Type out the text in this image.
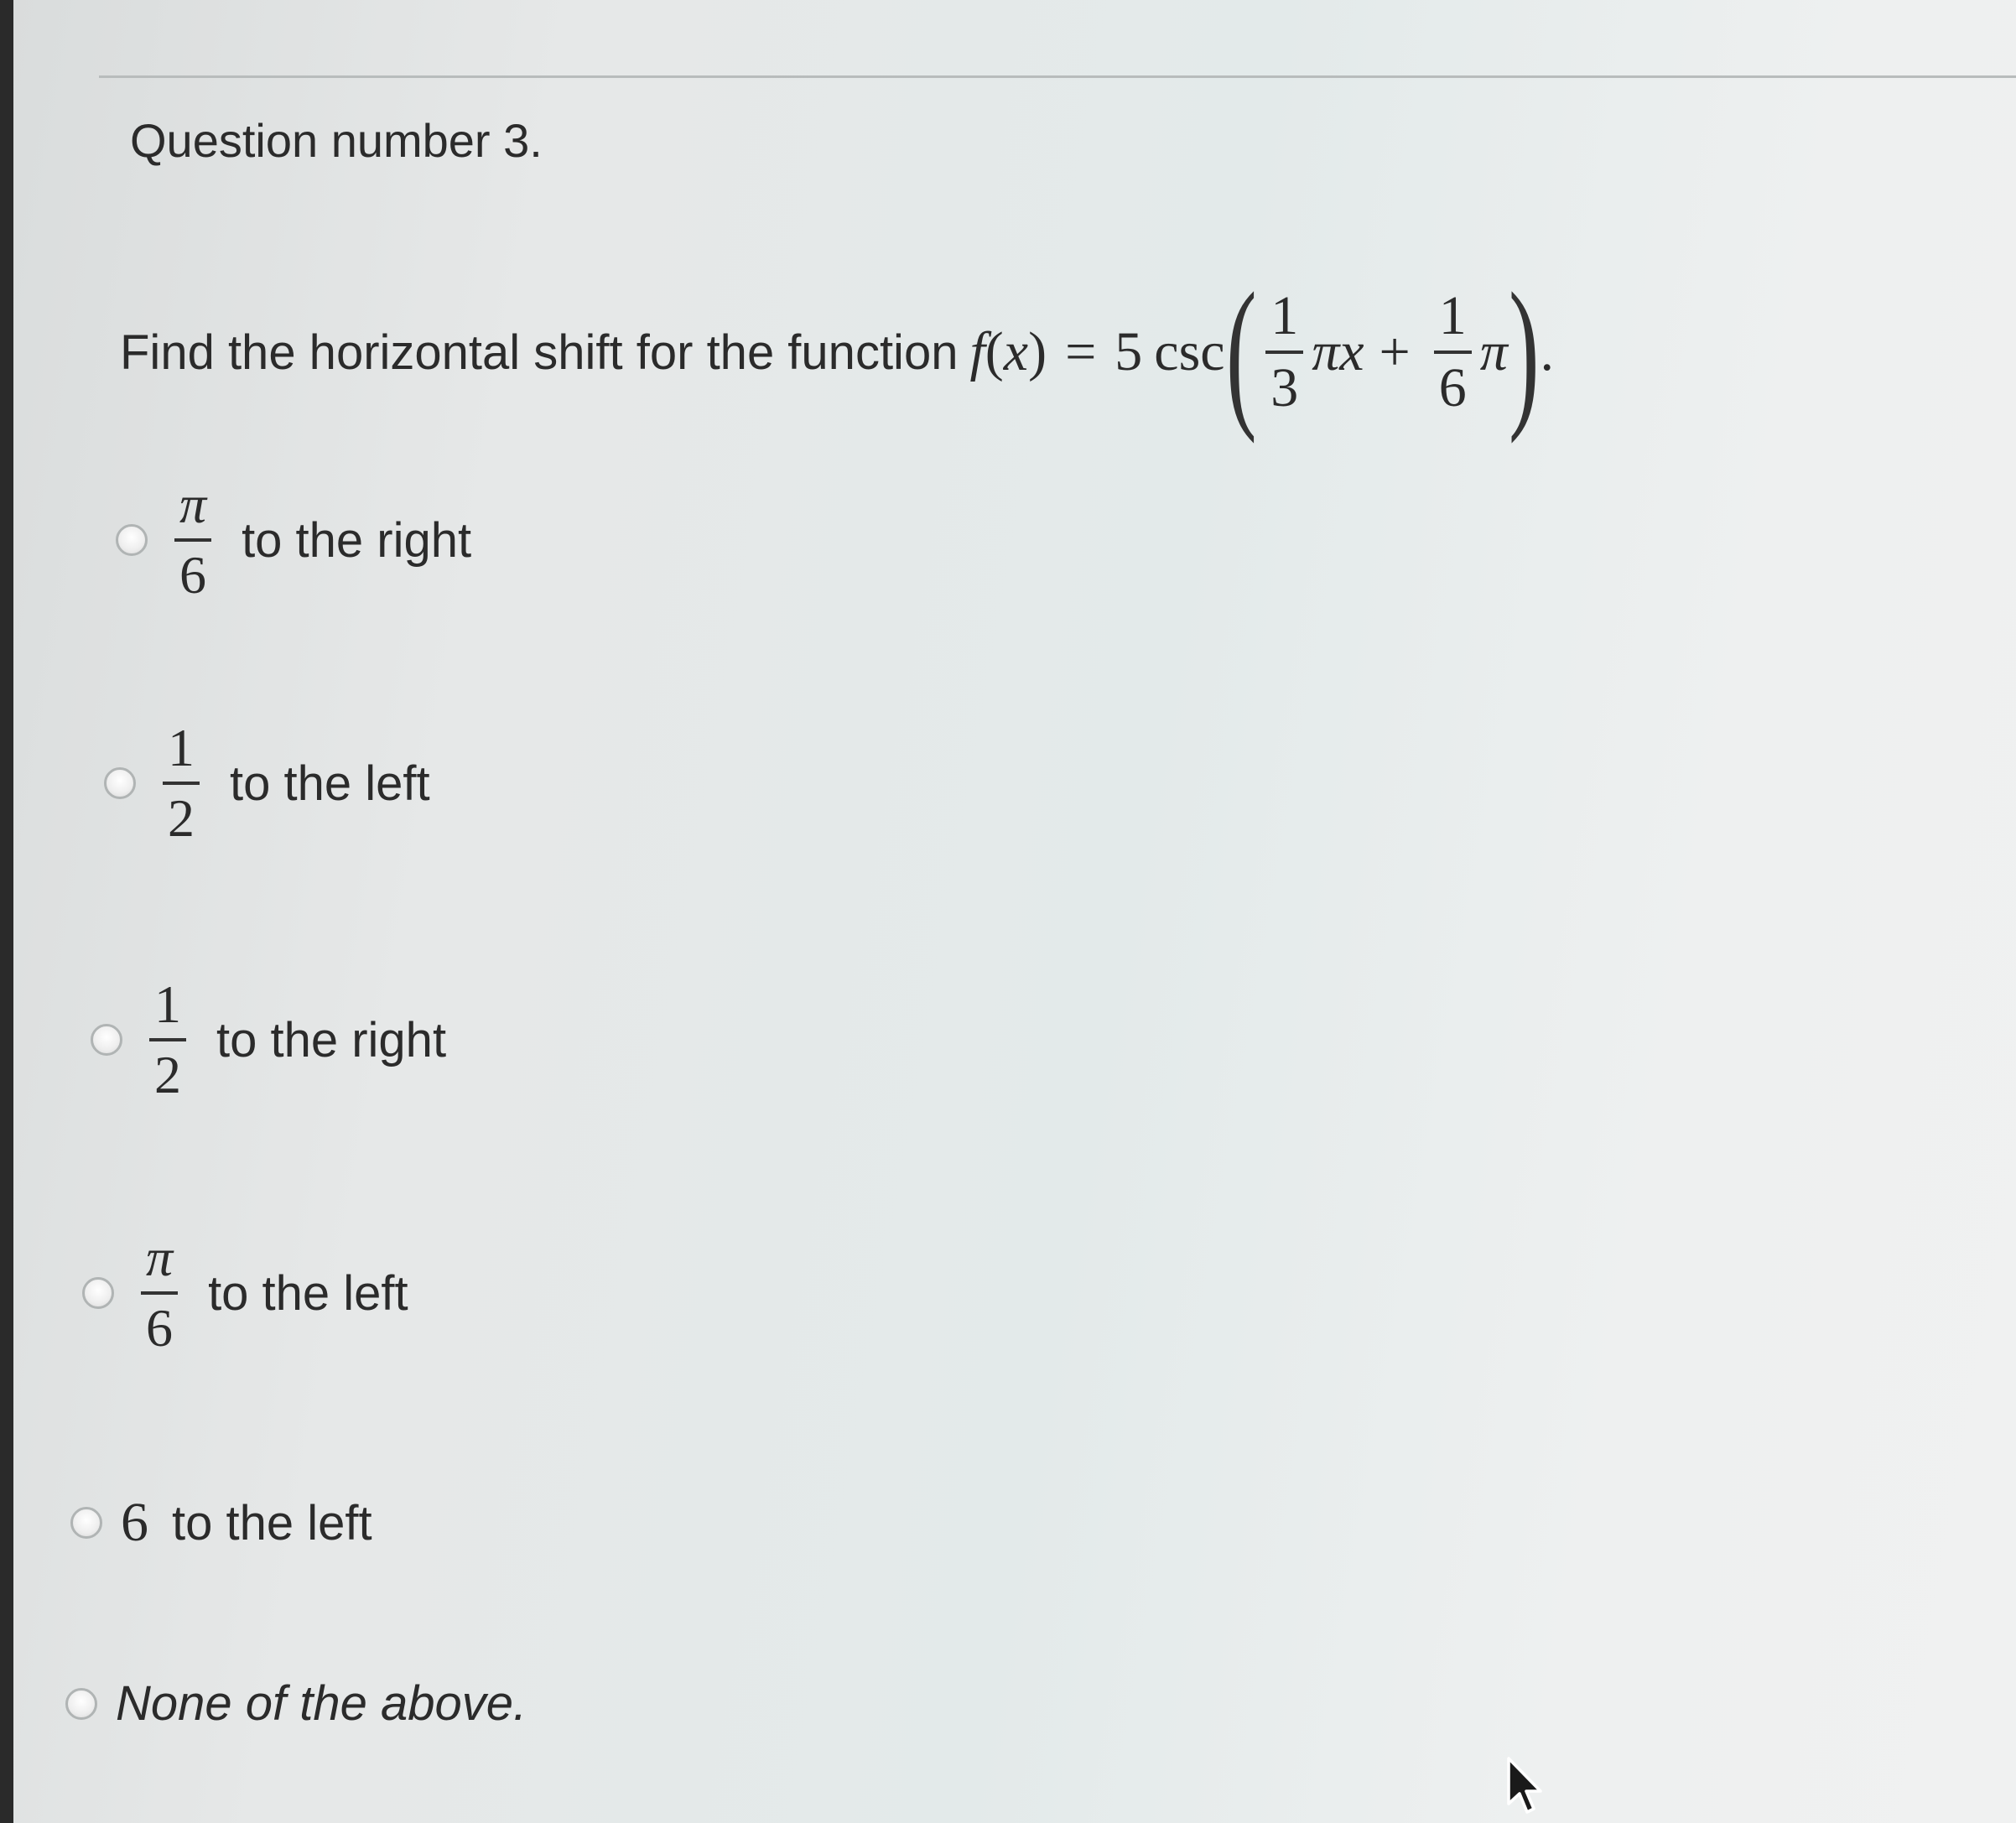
Question number 3.
Find the horizontal shift for the function f ( x ) = 5 csc ( $\frac{1}{3}$ $\pi x + \frac{1}{6}$ π ) .
$\frac{\pi}{6}$ to the right
$\frac{1}{2}$ to the left
$\frac{1}{2}$ to the right
$\frac{\pi}{6}$ to the left
6 to the left
None of the above.
